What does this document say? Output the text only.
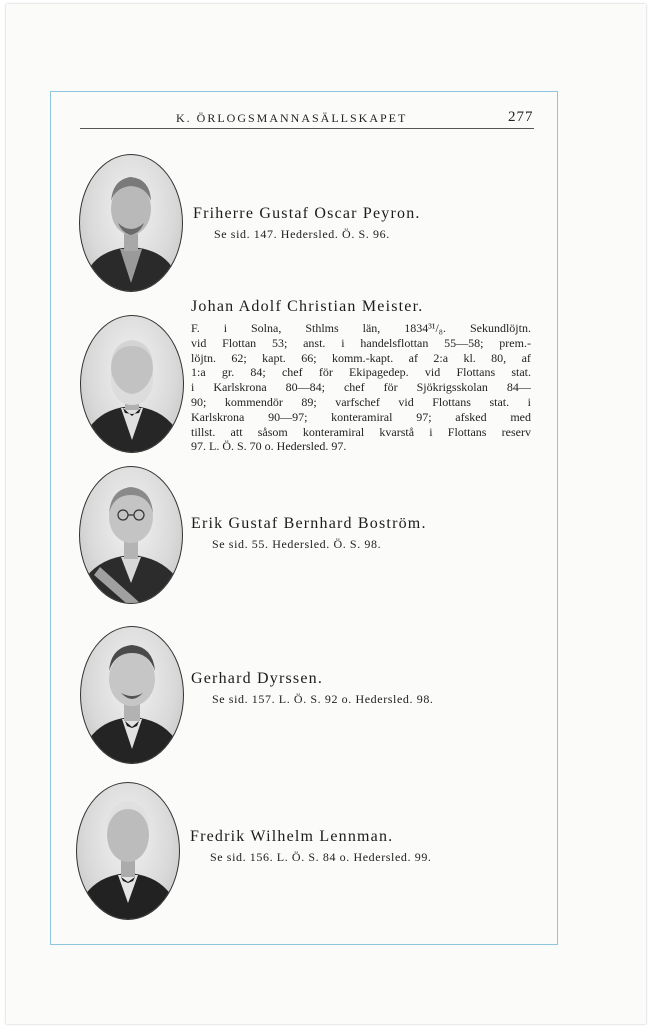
K. ÖRLOGSMANNASÄLLSKAPET	277
Friherre Gustaf Oscar Peyron.
Se sid. 147. Hedersled. Ö. S. 96.
Johan Adolf Christian Meister.
F. i Solna, Sthlms län, 1834³¹/₈. Sekundlöjtn.
vid Flottan 53; anst. i handelsflottan 55—58; prem.-
löjtn. 62; kapt. 66; komm.-kapt. af 2:a kl. 80, af
1:a gr. 84; chef för Ekipagedep. vid Flottans stat.
i Karlskrona 80—84; chef för Sjökrigsskolan 84—
90; kommendör 89; varfschef vid Flottans stat. i
Karlskrona 90—97; konteramiral 97; afsked med
tillst. att såsom konteramiral kvarstå i Flottans reserv
97. L. Ö. S. 70 o. Hedersled. 97.
Erik Gustaf Bernhard Boström.
Se sid. 55. Hedersled. Ö. S. 98.
Gerhard Dyrssen.
Se sid. 157. L. Ö. S. 92 o. Hedersled. 98.
Fredrik Wilhelm Lennman.
Se sid. 156. L. Ö. S. 84 o. Hedersled. 99.
